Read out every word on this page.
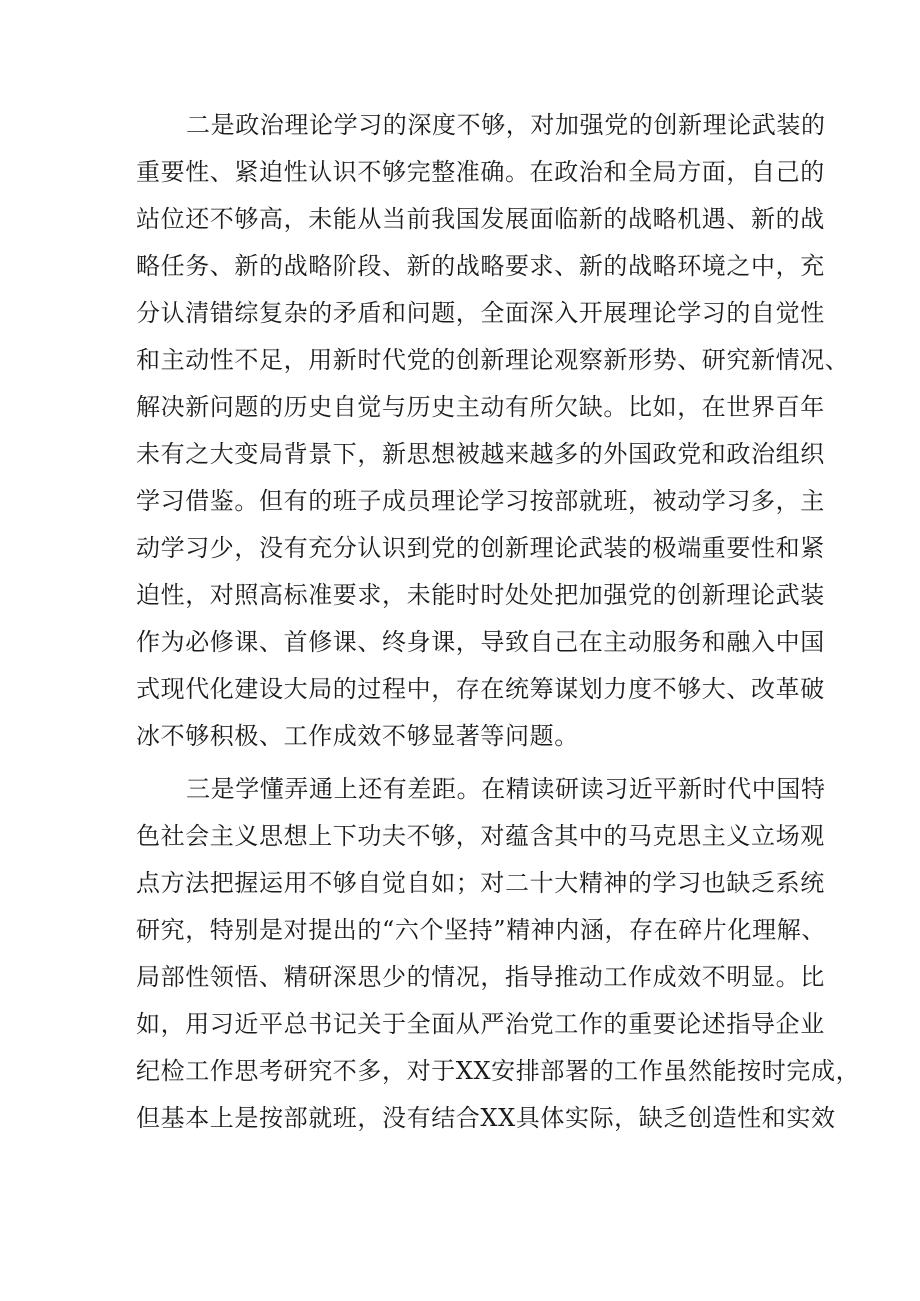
二是政治理论学习的深度不够，对加强党的创新理论武装的
重要性、紧迫性认识不够完整准确。在政治和全局方面，自己的
站位还不够高，未能从当前我国发展面临新的战略机遇、新的战
略任务、新的战略阶段、新的战略要求、新的战略环境之中，充
分认清错综复杂的矛盾和问题，全面深入开展理论学习的自觉性
和主动性不足，用新时代党的创新理论观察新形势、研究新情况、
解决新问题的历史自觉与历史主动有所欠缺。比如，在世界百年
未有之大变局背景下，新思想被越来越多的外国政党和政治组织
学习借鉴。但有的班子成员理论学习按部就班，被动学习多，主
动学习少，没有充分认识到党的创新理论武装的极端重要性和紧
迫性，对照高标准要求，未能时时处处把加强党的创新理论武装
作为必修课、首修课、终身课，导致自己在主动服务和融入中国
式现代化建设大局的过程中，存在统筹谋划力度不够大、改革破
冰不够积极、工作成效不够显著等问题。
三是学懂弄通上还有差距。在精读研读习近平新时代中国特
色社会主义思想上下功夫不够，对蕴含其中的马克思主义立场观
点方法把握运用不够自觉自如；对二十大精神的学习也缺乏系统
研究，特别是对提出的“六个坚持”精神内涵，存在碎片化理解、
局部性领悟、精研深思少的情况，指导推动工作成效不明显。比
如，用习近平总书记关于全面从严治党工作的重要论述指导企业
纪检工作思考研究不多，对于XX安排部署的工作虽然能按时完成，
但基本上是按部就班，没有结合XX具体实际，缺乏创造性和实效
